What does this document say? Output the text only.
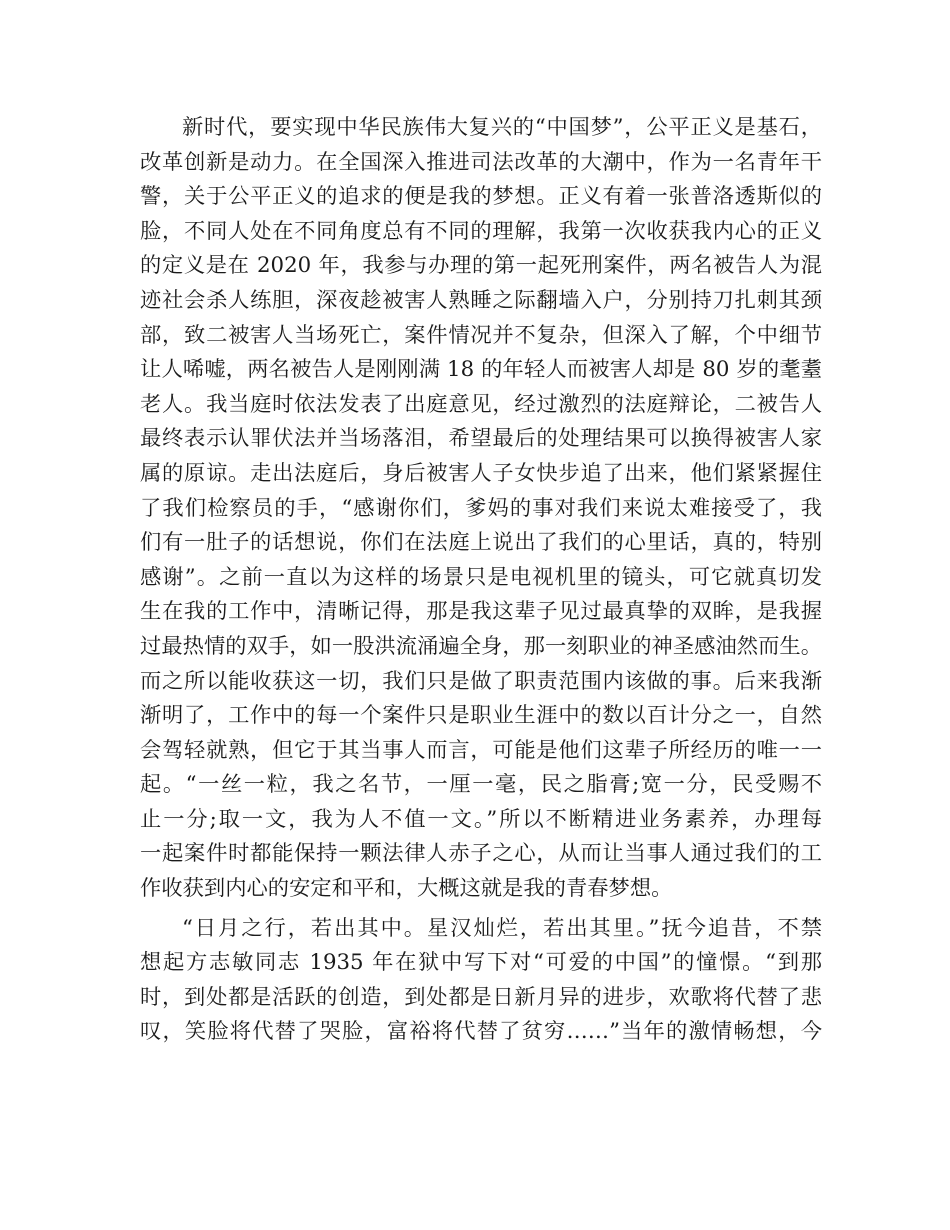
新时代，要实现中华民族伟大复兴的“中国梦”，公平正义是基石，
改革创新是动力。在全国深入推进司法改革的大潮中，作为一名青年干
警，关于公平正义的追求的便是我的梦想。正义有着一张普洛透斯似的
脸，不同人处在不同角度总有不同的理解，我第一次收获我内心的正义
的定义是在 2020 年，我参与办理的第一起死刑案件，两名被告人为混
迹社会杀人练胆，深夜趁被害人熟睡之际翻墙入户，分别持刀扎刺其颈
部，致二被害人当场死亡，案件情况并不复杂，但深入了解，个中细节
让人唏嘘，两名被告人是刚刚满 18 的年轻人而被害人却是 80 岁的耄耋
老人。我当庭时依法发表了出庭意见，经过激烈的法庭辩论，二被告人
最终表示认罪伏法并当场落泪，希望最后的处理结果可以换得被害人家
属的原谅。走出法庭后，身后被害人子女快步追了出来，他们紧紧握住
了我们检察员的手，“感谢你们，爹妈的事对我们来说太难接受了，我
们有一肚子的话想说，你们在法庭上说出了我们的心里话，真的，特别
感谢”。之前一直以为这样的场景只是电视机里的镜头，可它就真切发
生在我的工作中，清晰记得，那是我这辈子见过最真挚的双眸，是我握
过最热情的双手，如一股洪流涌遍全身，那一刻职业的神圣感油然而生。
而之所以能收获这一切，我们只是做了职责范围内该做的事。后来我渐
渐明了，工作中的每一个案件只是职业生涯中的数以百计分之一，自然
会驾轻就熟，但它于其当事人而言，可能是他们这辈子所经历的唯一一
起。“一丝一粒，我之名节，一厘一毫，民之脂膏;宽一分，民受赐不
止一分;取一文，我为人不值一文。”所以不断精进业务素养，办理每
一起案件时都能保持一颗法律人赤子之心，从而让当事人通过我们的工
作收获到内心的安定和平和，大概这就是我的青春梦想。
“日月之行，若出其中。星汉灿烂，若出其里。”抚今追昔，不禁
想起方志敏同志 1935 年在狱中写下对“可爱的中国”的憧憬。“到那
时，到处都是活跃的创造，到处都是日新月异的进步，欢歌将代替了悲
叹，笑脸将代替了哭脸，富裕将代替了贫穷……”当年的激情畅想，今
